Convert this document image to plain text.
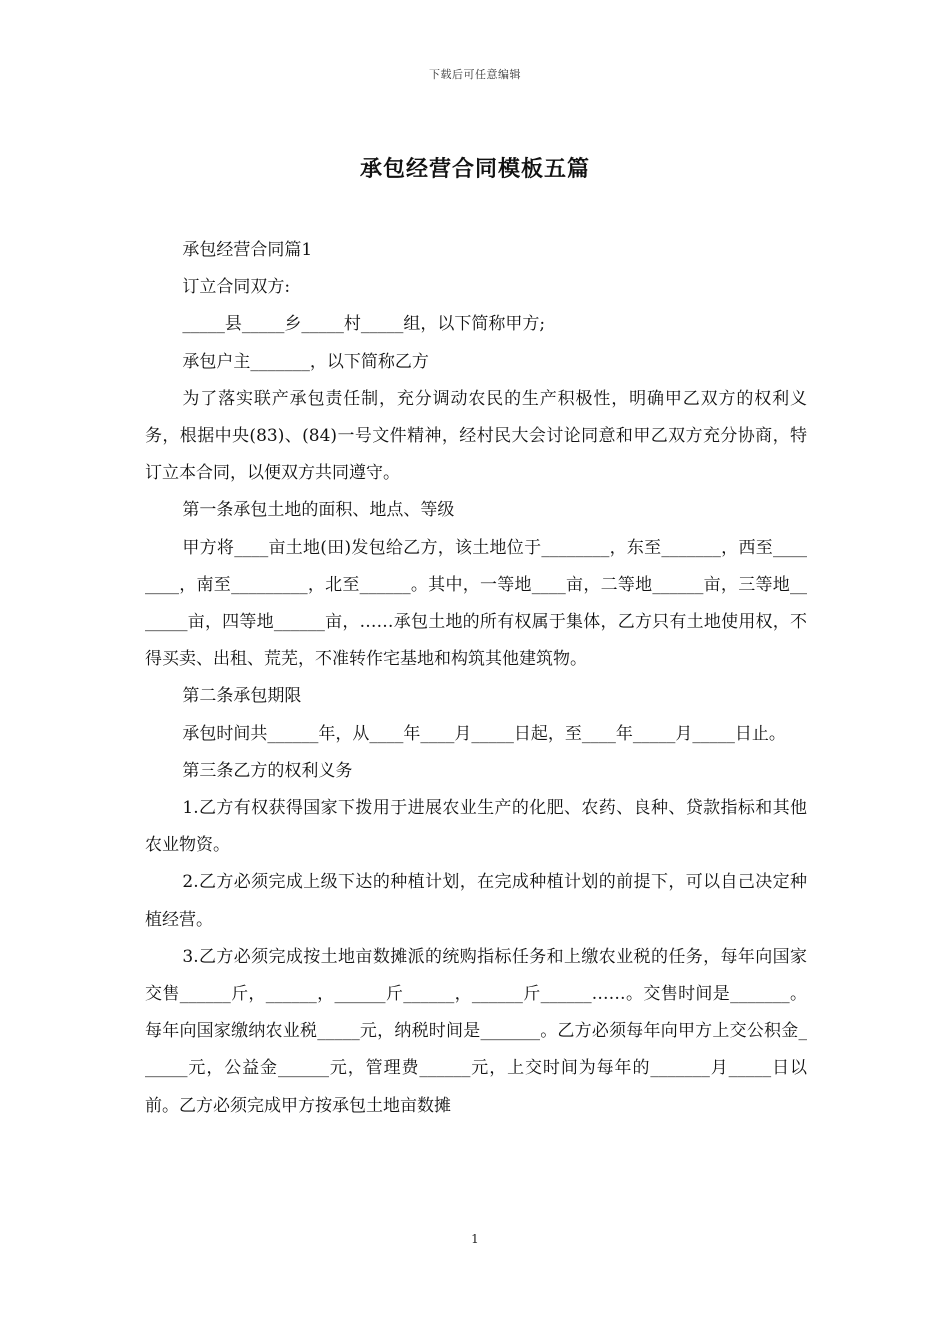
下载后可任意编辑
承包经营合同模板五篇

承包经营合同篇1

订立合同双方:

_____县_____乡_____村_____组，以下简称甲方;

承包户主_______，以下简称乙方

为了落实联产承包责任制，充分调动农民的生产积极性，明确甲乙双方的权利义务，根据中央(83)、(84)一号文件精神，经村民大会讨论同意和甲乙双方充分协商，特订立本合同，以便双方共同遵守。

第一条承包土地的面积、地点、等级

甲方将____亩土地(田)发包给乙方，该土地位于________，东至_______，西至________，南至_________，北至______。其中，一等地____亩，二等地______亩，三等地_______亩，四等地______亩，……承包土地的所有权属于集体，乙方只有土地使用权，不得买卖、出租、荒芜，不准转作宅基地和构筑其他建筑物。

第二条承包期限

承包时间共______年，从____年____月_____日起，至____年_____月_____日止。

第三条乙方的权利义务

1.乙方有权获得国家下拨用于进展农业生产的化肥、农药、良种、贷款指标和其他农业物资。

2.乙方必须完成上级下达的种植计划，在完成种植计划的前提下，可以自己决定种植经营。

3.乙方必须完成按土地亩数摊派的统购指标任务和上缴农业税的任务，每年向国家交售______斤，______，______斤______，______斤______……。交售时间是_______。每年向国家缴纳农业税_____元，纳税时间是_______。乙方必须每年向甲方上交公积金______元，公益金______元，管理费______元，上交时间为每年的_______月_____日以前。乙方必须完成甲方按承包土地亩数摊

1
